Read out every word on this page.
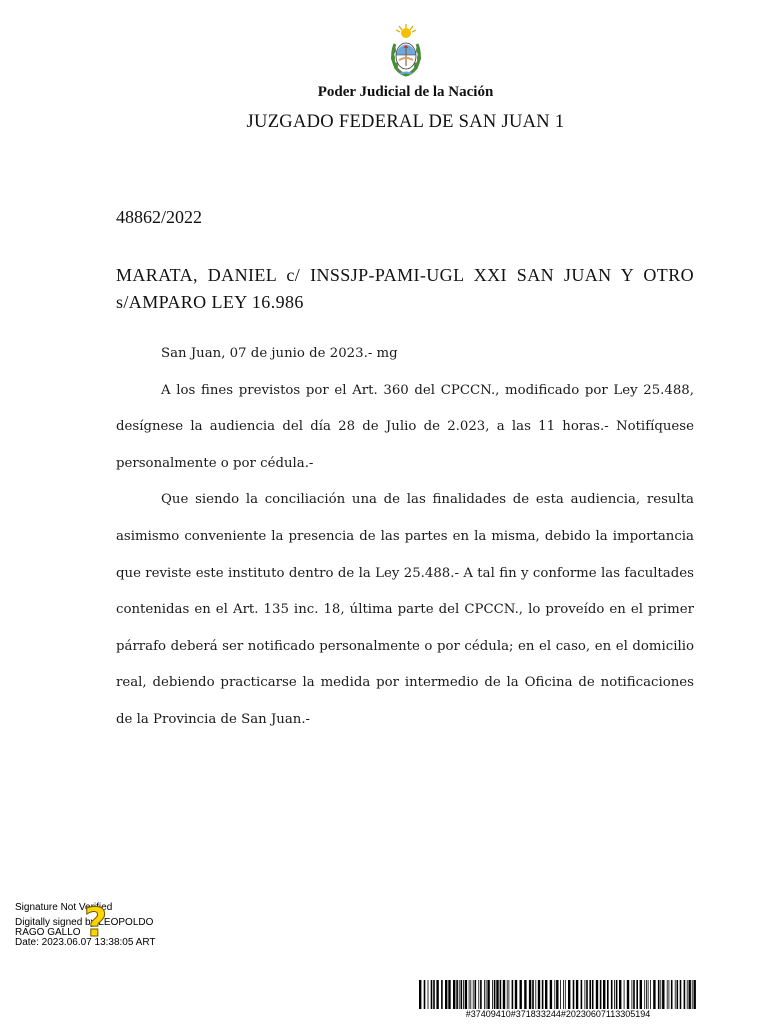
Poder Judicial de la Nación
JUZGADO FEDERAL DE SAN JUAN 1
48862/2022
MARATA, DANIEL c/ INSSJP-PAMI-UGL XXI SAN JUAN Y OTRO s/AMPARO LEY 16.986

San Juan, 07 de junio de 2023.- mg

A los fines previstos por el Art. 360 del CPCCN., modificado por Ley 25.488, desígnese la audiencia del día 28 de Julio de 2.023, a las 11 horas.- Notifíquese personalmente o por cédula.-

Que siendo la conciliación una de las finalidades de esta audiencia, resulta asimismo conveniente la presencia de las partes en la misma, debido la importancia que reviste este instituto dentro de la Ley 25.488.- A tal fin y conforme las facultades contenidas en el Art. 135 inc. 18, última parte del CPCCN., lo proveído en el primer párrafo deberá ser notificado personalmente o por cédula; en el caso, en el domicilio real, debiendo practicarse la medida por intermedio de la Oficina de notificaciones de la Provincia de San Juan.-

Signature Not Verified
Digitally signed by LEOPOLDO
RAGO GALLO
Date: 2023.06.07 13:38:05 ART
?
#37409410#371833244#20230607113305194
